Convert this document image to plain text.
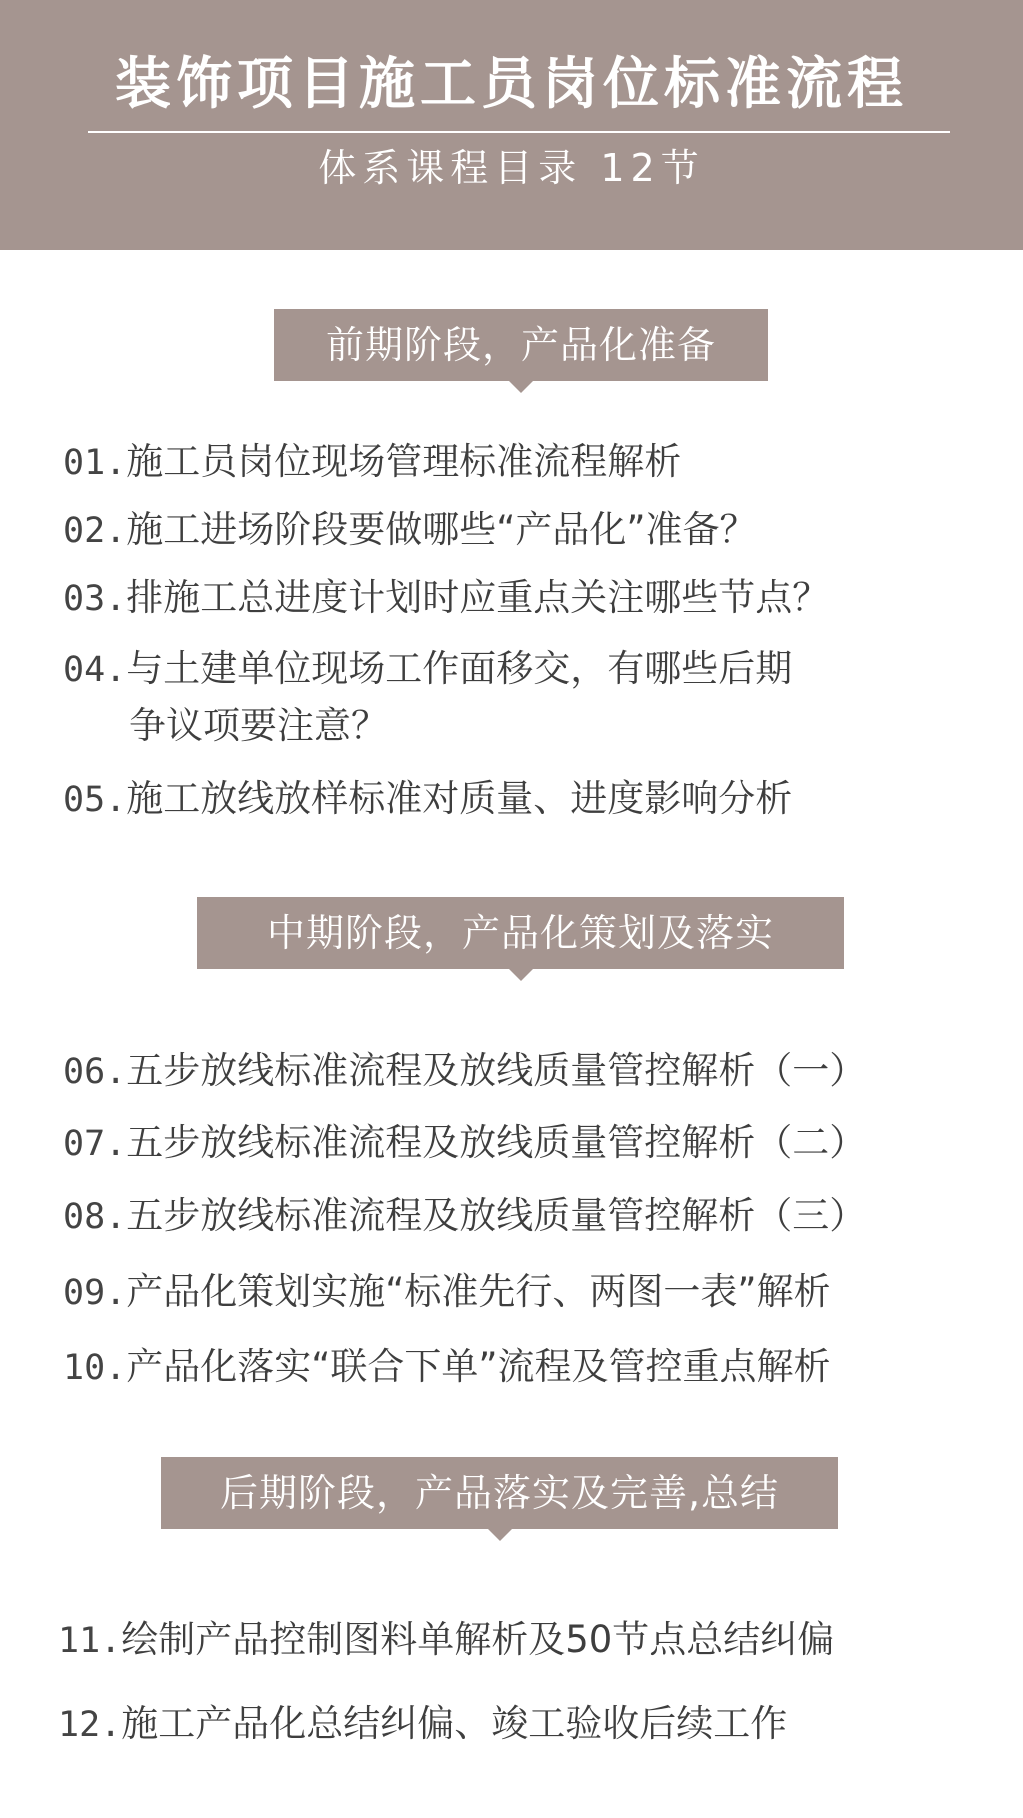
装饰项目施工员岗位标准流程
体系课程目录 12节
前期阶段，产品化准备
01.施工员岗位现场管理标准流程解析
02.施工进场阶段要做哪些“产品化”准备？
03.排施工总进度计划时应重点关注哪些节点？
04.与土建单位现场工作面移交，有哪些后期
争议项要注意？
05.施工放线放样标准对质量、进度影响分析
中期阶段，产品化策划及落实
06.五步放线标准流程及放线质量管控解析（一）
07.五步放线标准流程及放线质量管控解析（二）
08.五步放线标准流程及放线质量管控解析（三）
09.产品化策划实施“标准先行、两图一表”解析
10.产品化落实“联合下单”流程及管控重点解析
后期阶段，产品落实及完善,总结
11.绘制产品控制图料单解析及50节点总结纠偏
12.施工产品化总结纠偏、竣工验收后续工作
